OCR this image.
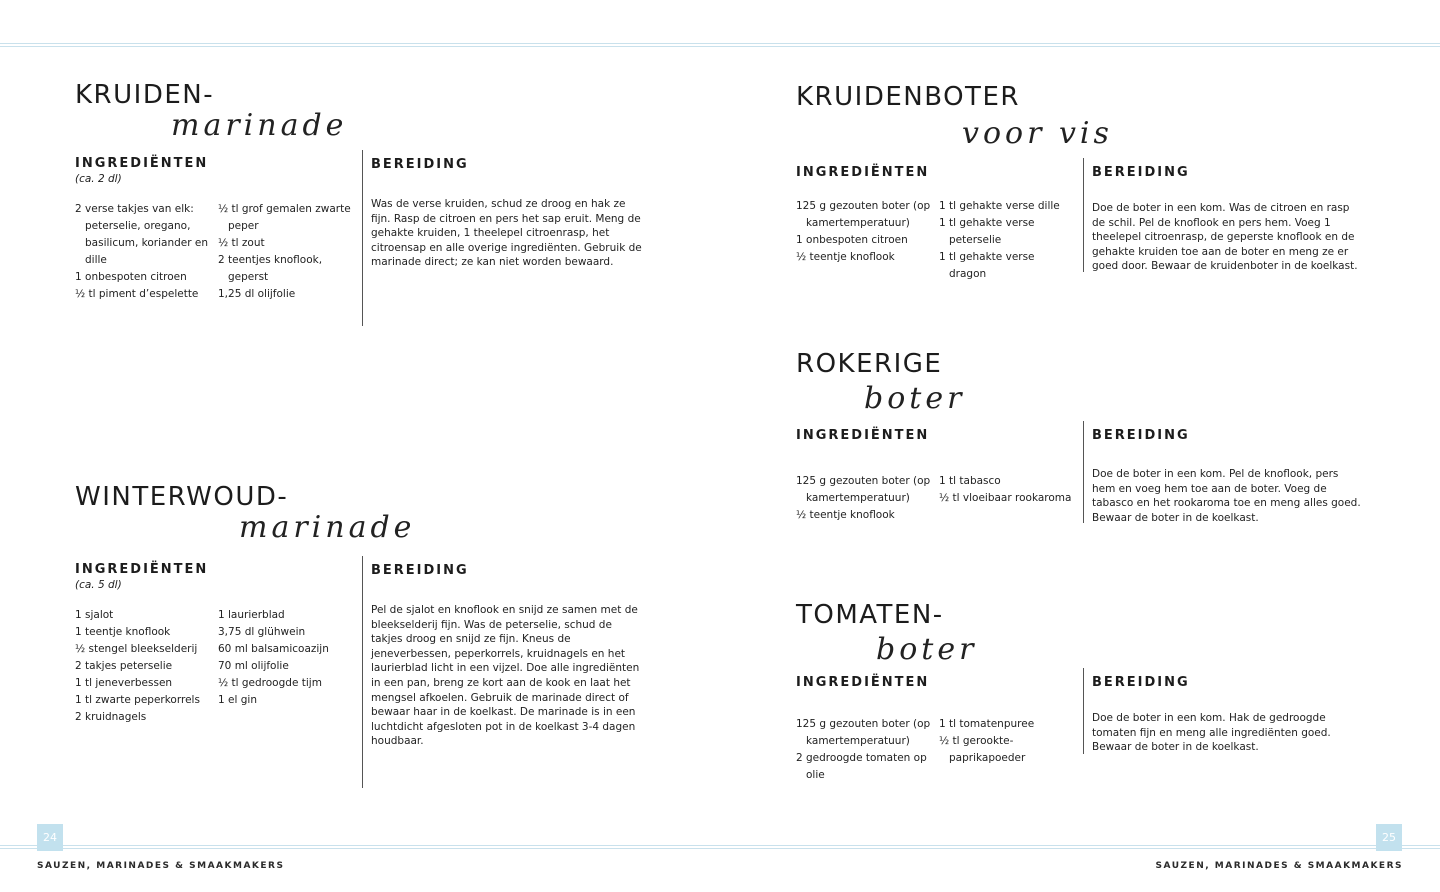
KRUIDEN-
marinade
INGREDIËNTEN
(ca. 2 dl)
2 verse takjes van elk:
peterselie, oregano,
basilicum, koriander en
dille
1 onbespoten citroen
½ tl piment d’espelette
½ tl grof gemalen zwarte peper
½ tl zout
2 teentjes knoflook, geperst
1,25 dl olijfolie
BEREIDING

Was de verse kruiden, schud ze droog en hak ze fijn. Rasp de citroen en pers het sap eruit. Meng de gehakte kruiden, 1 theelepel citroenrasp, het citroensap en alle overige ingrediënten. Gebruik de marinade direct; ze kan niet worden bewaard.

WINTERWOUD-
marinade
INGREDIËNTEN
(ca. 5 dl)
1 sjalot
1 teentje knoflook
½ stengel bleekselderij
2 takjes peterselie
1 tl jeneverbessen
1 tl zwarte peperkorrels
2 kruidnagels
1 laurierblad
3,75 dl glühwein
60 ml balsamicoazijn
70 ml olijfolie
½ tl gedroogde tijm
1 el gin
BEREIDING

Pel de sjalot en knoflook en snijd ze samen met de bleekselderij fijn. Was de peterselie, schud de takjes droog en snijd ze fijn. Kneus de jeneverbessen, peperkorrels, kruidnagels en het laurierblad licht in een vijzel. Doe alle ingrediënten in een pan, breng ze kort aan de kook en laat het mengsel afkoelen. Gebruik de marinade direct of bewaar haar in de koelkast. De marinade is in een luchtdicht afgesloten pot in de koelkast 3-4 dagen houdbaar.

KRUIDENBOTER
voor vis
INGREDIËNTEN
125 g gezouten boter (op kamertemperatuur)
1 onbespoten citroen
½ teentje knoflook
1 tl gehakte verse dille
1 tl gehakte verse peterselie
1 tl gehakte verse dragon
BEREIDING

Doe de boter in een kom. Was de citroen en rasp de schil. Pel de knoflook en pers hem. Voeg 1 theelepel citroenrasp, de geperste knoflook en de gehakte kruiden toe aan de boter en meng ze er goed door. Bewaar de kruidenboter in de koelkast.

ROKERIGE
boter
INGREDIËNTEN
125 g gezouten boter (op kamertemperatuur)
½ teentje knoflook
1 tl tabasco
½ tl vloeibaar rookaroma
BEREIDING

Doe de boter in een kom. Pel de knoflook, pers hem en voeg hem toe aan de boter. Voeg de tabasco en het rookaroma toe en meng alles goed. Bewaar de boter in de koelkast.

TOMATEN-
boter
INGREDIËNTEN
125 g gezouten boter (op kamertemperatuur)
2 gedroogde tomaten op olie
1 tl tomatenpuree
½ tl gerookte-paprikapoeder
BEREIDING

Doe de boter in een kom. Hak de gedroogde tomaten fijn en meng alle ingrediënten goed. Bewaar de boter in de koelkast.

24	25
SAUZEN, MARINADES & SMAAKMAKERS	SAUZEN, MARINADES & SMAAKMAKERS
